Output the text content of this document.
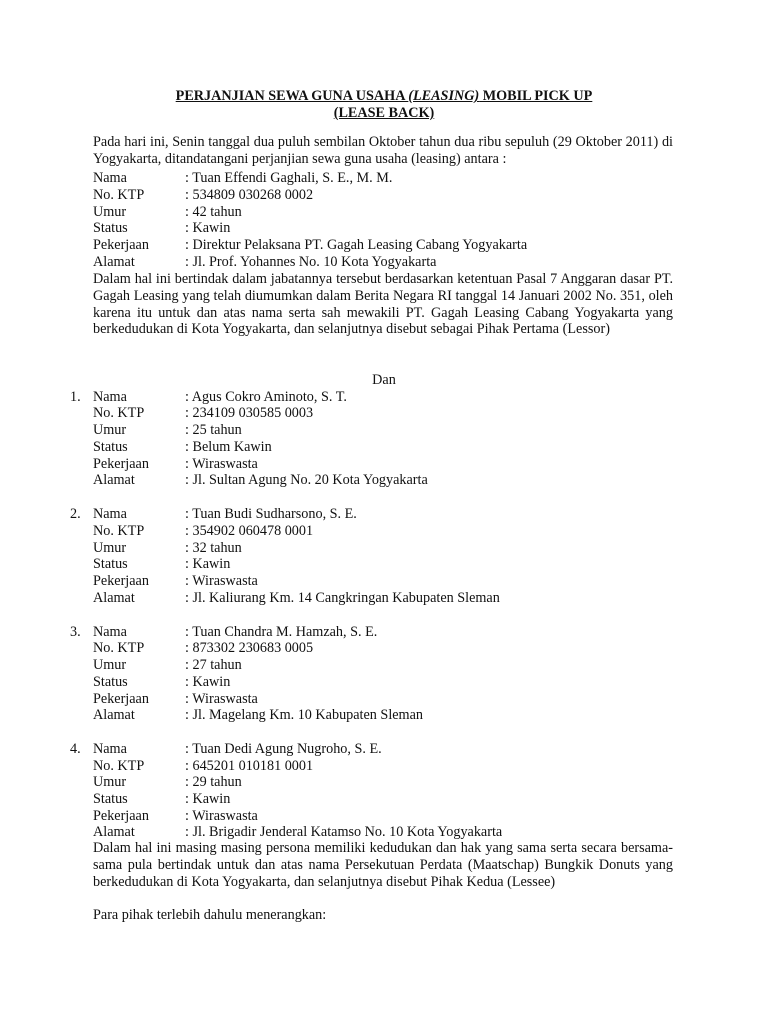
PERJANJIAN SEWA GUNA USAHA (LEASING) MOBIL PICK UP
(LEASE BACK)
Pada hari ini, Senin tanggal dua puluh sembilan Oktober tahun dua ribu sepuluh (29 Oktober 2011) di Yogyakarta, ditandatangani perjanjian sewa guna usaha (leasing) antara :
Nama	: Tuan Effendi Gaghali, S. E., M. M.
No. KTP	: 534809 030268 0002
Umur	: 42 tahun
Status	: Kawin
Pekerjaan	: Direktur Pelaksana PT. Gagah Leasing Cabang Yogyakarta
Alamat	: Jl. Prof. Yohannes No. 10 Kota Yogyakarta
Dalam hal ini bertindak dalam jabatannya tersebut berdasarkan ketentuan Pasal 7 Anggaran dasar PT. Gagah Leasing yang telah diumumkan dalam Berita Negara RI tanggal 14 Januari 2002 No. 351, oleh karena itu untuk dan atas nama serta sah mewakili PT. Gagah Leasing Cabang Yogyakarta yang berkedudukan di Kota Yogyakarta, dan selanjutnya disebut sebagai Pihak Pertama (Lessor)
Dan
1. Nama	: Agus Cokro Aminoto, S. T.
No. KTP	: 234109 030585 0003
Umur	: 25 tahun
Status	: Belum Kawin
Pekerjaan	: Wiraswasta
Alamat	: Jl. Sultan Agung No. 20 Kota Yogyakarta
2. Nama	: Tuan Budi Sudharsono, S. E.
No. KTP	: 354902 060478 0001
Umur	: 32 tahun
Status	: Kawin
Pekerjaan	: Wiraswasta
Alamat	: Jl. Kaliurang Km. 14 Cangkringan Kabupaten Sleman
3. Nama	: Tuan Chandra M. Hamzah, S. E.
No. KTP	: 873302 230683 0005
Umur	: 27 tahun
Status	: Kawin
Pekerjaan	: Wiraswasta
Alamat	: Jl. Magelang Km. 10 Kabupaten Sleman
4. Nama	: Tuan Dedi Agung Nugroho, S. E.
No. KTP	: 645201 010181 0001
Umur	: 29 tahun
Status	: Kawin
Pekerjaan	: Wiraswasta
Alamat	: Jl. Brigadir Jenderal Katamso No. 10 Kota Yogyakarta
Dalam hal ini masing masing persona memiliki kedudukan dan hak yang sama serta secara bersama-sama pula bertindak untuk dan atas nama Persekutuan Perdata (Maatschap) Bungkik Donuts yang berkedudukan di Kota Yogyakarta, dan selanjutnya disebut Pihak Kedua (Lessee)
Para pihak terlebih dahulu menerangkan:
